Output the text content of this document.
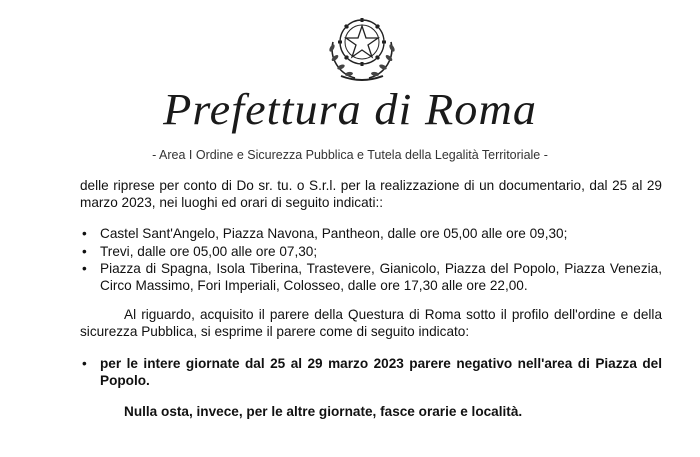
Prefettura di Roma
- Area I Ordine e Sicurezza Pubblica e Tutela della Legalità Territoriale -

delle riprese per conto di Do sr. tu. o S.r.l. per la realizzazione di un documentario, dal 25 al 29 marzo 2023, nei luoghi ed orari di seguito indicati::

• Castel Sant'Angelo, Piazza Navona, Pantheon, dalle ore 05,00 alle ore 09,30;
• Trevi, dalle ore 05,00 alle ore 07,30;
• Piazza di Spagna, Isola Tiberina, Trastevere, Gianicolo, Piazza del Popolo, Piazza Venezia, Circo Massimo, Fori Imperiali, Colosseo, dalle ore 17,30 alle ore 22,00.

Al riguardo, acquisito il parere della Questura di Roma sotto il profilo dell'ordine e della sicurezza Pubblica, si esprime il parere come di seguito indicato:

• per le intere giornate dal 25 al 29 marzo 2023 parere negativo nell'area di Piazza del Popolo.

Nulla osta, invece, per le altre giornate, fasce orarie e località.
